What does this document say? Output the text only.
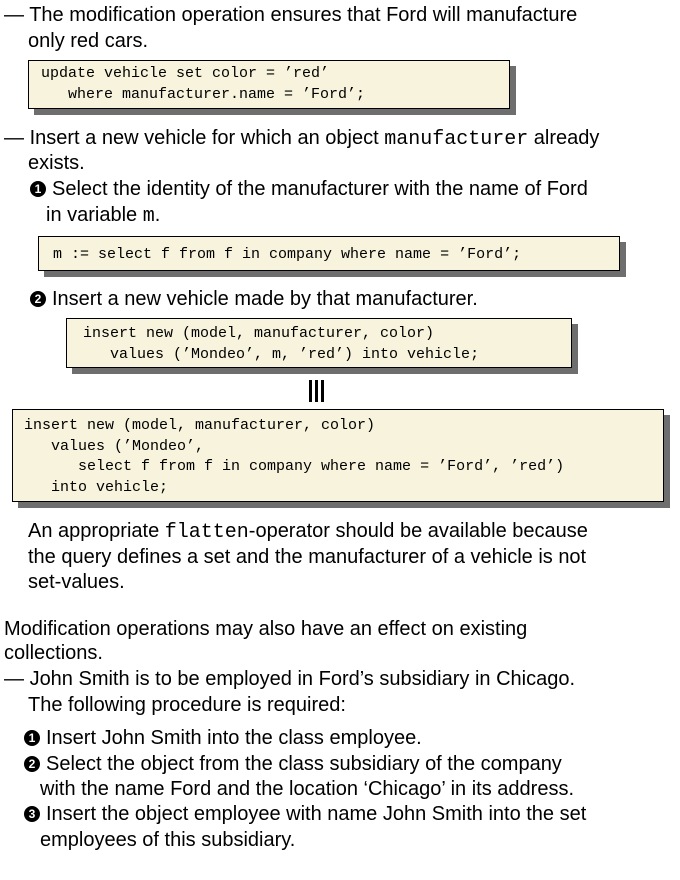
— The modification operation ensures that Ford will manufacture
only red cars.
update vehicle set color = ’red’
where manufacturer.name = ’Ford’;
— Insert a new vehicle for which an object manufacturer already
exists.
1 Select the identity of the manufacturer with the name of Ford
in variable m.
m := select f from f in company where name = ’Ford’;
2 Insert a new vehicle made by that manufacturer.
insert new (model, manufacturer, color)
values (’Mondeo’, m, ’red’) into vehicle;
insert new (model, manufacturer, color)
values (’Mondeo’,
select f from f in company where name = ’Ford’, ’red’)
into vehicle;
An appropriate flatten-operator should be available because
the query defines a set and the manufacturer of a vehicle is not
set-values.
Modification operations may also have an effect on existing
collections.
— John Smith is to be employed in Ford’s subsidiary in Chicago.
The following procedure is required:
1 Insert John Smith into the class employee.
2 Select the object from the class subsidiary of the company
with the name Ford and the location ‘Chicago’ in its address.
3 Insert the object employee with name John Smith into the set
employees of this subsidiary.
